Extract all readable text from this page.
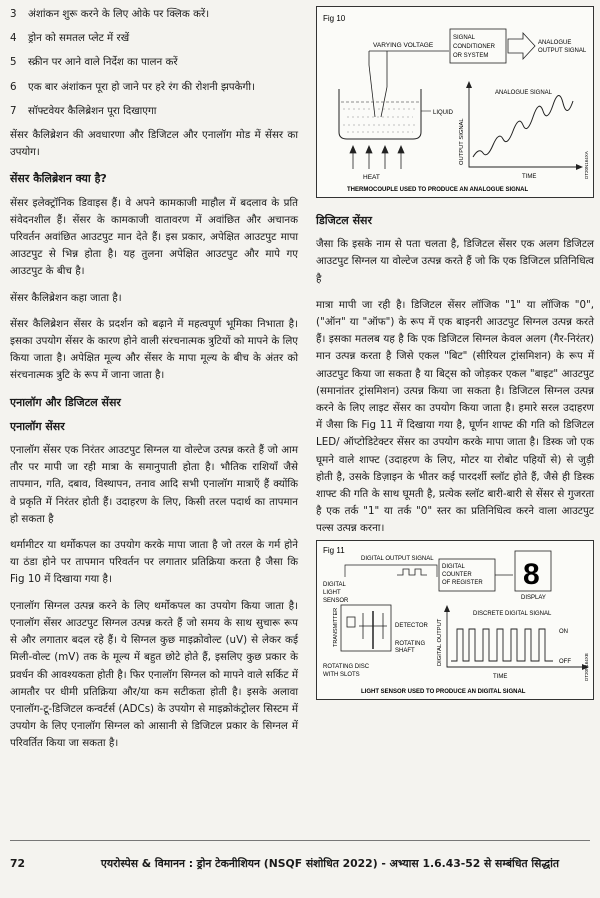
3	अंशांकन शुरू करने के लिए ओके पर क्लिक करें।
4	ड्रोन को समतल प्लेट में रखें
5	स्क्रीन पर आने वाले निर्देश का पालन करें
6	एक बार अंशांकन पूरा हो जाने पर हरे रंग की रोशनी झपकेगी।
7	सॉफ्टवेयर कैलिब्रेशन पूरा दिखाएगा

सेंसर कैलिब्रेशन की अवधारणा और डिजिटल और एनालॉग मोड में सेंसर का उपयोग।

सेंसर कैलिब्रेशन क्या है?

सेंसर इलेक्ट्रॉनिक डिवाइस हैं। वे अपने कामकाजी माहौल में बदलाव के प्रति संवेदनशील हैं। सेंसर के कामकाजी वातावरण में अवांछित और अचानक परिवर्तन अवांछित आउटपुट मान देते हैं। इस प्रकार, अपेक्षित आउटपुट मापा आउटपुट से भिन्न होता है। यह तुलना अपेक्षित आउटपुट और मापे गए आउटपुट के बीच है।

सेंसर कैलिब्रेशन कहा जाता है।

सेंसर कैलिब्रेशन सेंसर के प्रदर्शन को बढ़ाने में महत्वपूर्ण भूमिका निभाता है। इसका उपयोग सेंसर के कारण होने वाली संरचनात्मक त्रुटियों को मापने के लिए किया जाता है। अपेक्षित मूल्य और सेंसर के मापा मूल्य के बीच के अंतर को संरचनात्मक त्रुटि के रूप में जाना जाता है।

एनालॉग और डिजिटल सेंसर
एनालॉग सेंसर

एनालॉग सेंसर एक निरंतर आउटपुट सिग्नल या वोल्टेज उत्पन्न करते हैं जो आम तौर पर मापी जा रही मात्रा के समानुपाती होता है। भौतिक राशियाँ जैसे तापमान, गति, दबाव, विस्थापन, तनाव आदि सभी एनालॉग मात्राएँ हैं क्योंकि वे प्रकृति में निरंतर होती हैं। उदाहरण के लिए, किसी तरल पदार्थ का तापमान हो सकता है

थर्मामीटर या थर्मोकपल का उपयोग करके मापा जाता है जो तरल के गर्म होने या ठंडा होने पर तापमान परिवर्तन पर लगातार प्रतिक्रिया करता है जैसा कि Fig 10 में दिखाया गया है।

एनालॉग सिग्नल उत्पन्न करने के लिए थर्मोकपल का उपयोग किया जाता है। एनालॉग सेंसर आउटपुट सिग्नल उत्पन्न करते हैं जो समय के साथ सुचारू रूप से और लगातार बदल रहे हैं। ये सिग्नल कुछ माइक्रोवोल्ट (uV) से लेकर कई मिली-वोल्ट (mV) तक के मूल्य में बहुत छोटे होते हैं, इसलिए कुछ प्रकार के प्रवर्धन की आवश्यकता होती है। फिर एनालॉग सिग्नल को मापने वाले सर्किट में आमतौर पर धीमी प्रतिक्रिया और/या कम सटीकता होती है। इसके अलावा एनालॉग-टू-डिजिटल कन्वर्टर्स (ADCs) के उपयोग से माइक्रोकंट्रोलर सिस्टम में उपयोग के लिए एनालॉग सिग्नल को आसानी से डिजिटल प्रकार के सिग्नल में परिवर्तित किया जा सकता है।

Fig 10
VARYING VOLTAGE
SIGNAL
CONDITIONER
OR SYSTEM
ANALOGUE
OUTPUT SIGNAL
LIQUID
HEAT
OUTPUT SIGNAL
ANALOGUE SIGNAL
TIME
THERMOCOUPLE USED TO PRODUCE AN ANALOGUE SIGNAL
DT20N164XA
डिजिटल सेंसर

जैसा कि इसके नाम से पता चलता है, डिजिटल सेंसर एक अलग डिजिटल आउटपुट सिग्नल या वोल्टेज उत्पन्न करते हैं जो कि एक डिजिटल प्रतिनिधित्व है

मात्रा मापी जा रही है। डिजिटल सेंसर लॉजिक "1" या लॉजिक "0", ("ऑन" या "ऑफ") के रूप में एक बाइनरी आउटपुट सिग्नल उत्पन्न करते हैं। इसका मतलब यह है कि एक डिजिटल सिग्नल केवल अलग (गैर-निरंतर) मान उत्पन्न करता है जिसे एकल "बिट" (सीरियल ट्रांसमिशन) के रूप में आउटपुट किया जा सकता है या बिट्स को जोड़कर एकल "बाइट" आउटपुट (समानांतर ट्रांसमिशन) उत्पन्न किया जा सकता है। डिजिटल सिग्नल उत्पन्न करने के लिए लाइट सेंसर का उपयोग किया जाता है। हमारे सरल उदाहरण में जैसा कि Fig 11 में दिखाया गया है, घूर्णन शाफ्ट की गति को डिजिटल LED/ ऑप्टोडिटेक्टर सेंसर का उपयोग करके मापा जाता है। डिस्क जो एक घूमने वाले शाफ्ट (उदाहरण के लिए, मोटर या रोबोट पहियों से) से जुड़ी होती है, उसके डिज़ाइन के भीतर कई पारदर्शी स्लॉट होते हैं, जैसे ही डिस्क शाफ्ट की गति के साथ घूमती है, प्रत्येक स्लॉट बारी-बारी से सेंसर से गुजरता है एक तर्क "1" या तर्क "0" स्तर का प्रतिनिधित्व करने वाला आउटपुट पल्स उत्पन्न करना।

Fig 11
DIGITAL OUTPUT SIGNAL
DIGITAL
COUNTER
OF REGISTER 8
DISPLAY
DIGITAL
LIGHT
SENSOR
TRANSMITTER	DETECTOR
ROTATING
SHAFT
ROTATING DISC
WITH SLOTS
DIGITAL OUTPUT
DISCRETE DIGITAL SIGNAL
ON
OFF
TIME
LIGHT SENSOR USED TO PRODUCE AN DIGITAL SIGNAL
DT20N164XB
72	एयरोस्पेस & विमानन : ड्रोन टेकनीशियन (NSQF संशोधित 2022) - अभ्यास 1.6.43-52 से सम्बंधित सिद्धांत
